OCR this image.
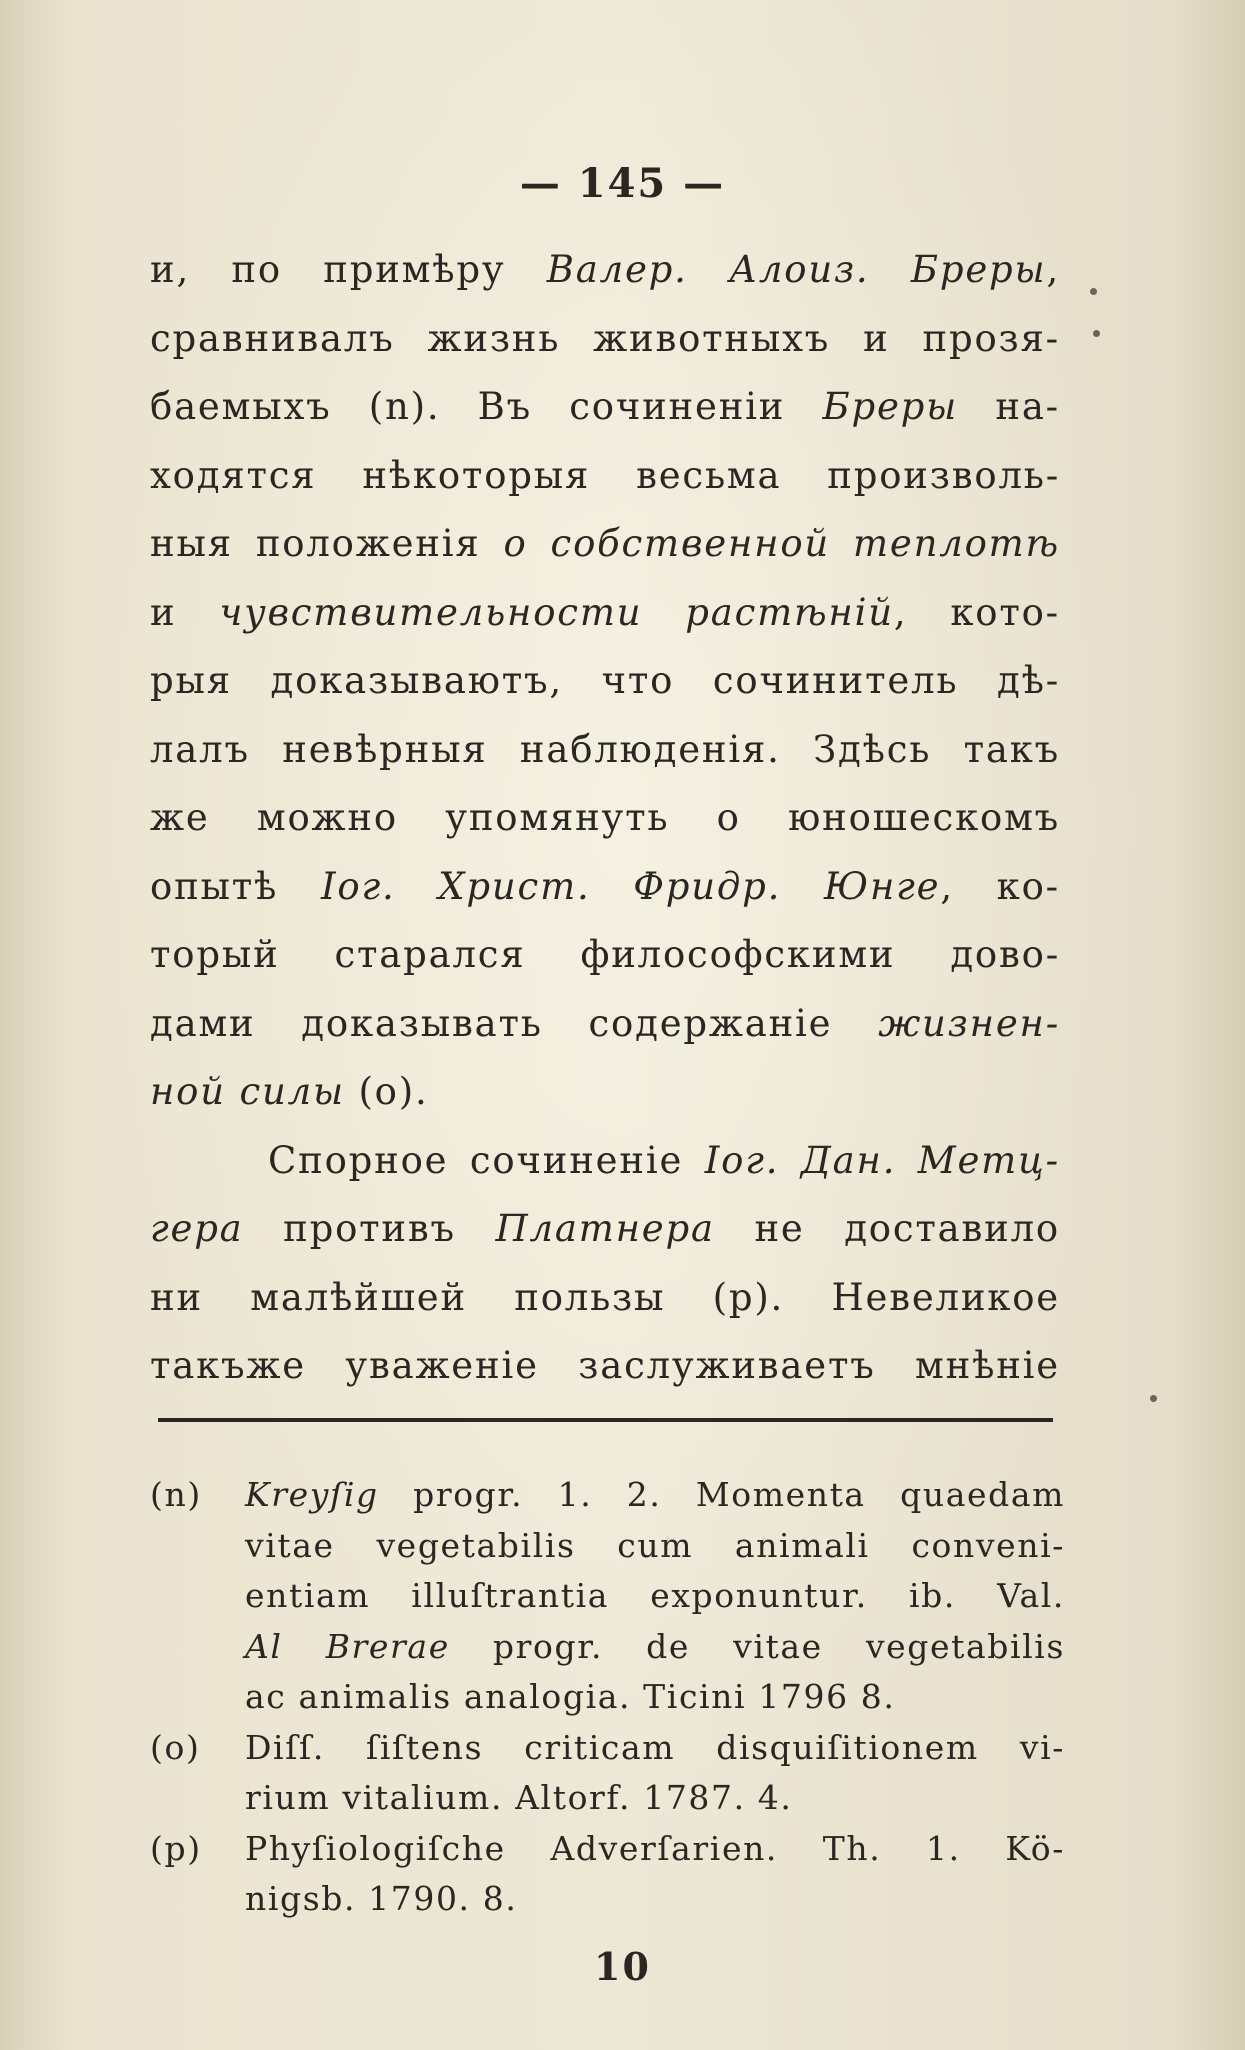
— 145 —
и, по примѣру Валер. Алоиз. Бреры,
сравнивалъ жизнь животныхъ и прозя-
баемыхъ (n). Въ сочиненіи Бреры на-
ходятся нѣкоторыя весьма произволь-
ныя положенія о собственной теплотѣ
и чувствительности растѣній, кото-
рыя доказываютъ, что сочинитель дѣ-
лалъ невѣрныя наблюденія. Здѣсь такъ
же можно упомянуть о юношескомъ
опытѣ Іог. Христ. Фридр. Юнге, ко-
торый старался философскими дово-
дами доказывать содержаніе жизнен-
ной силы (o).
Спорное сочиненіе Іог. Дан. Метц-
гера противъ Платнера не доставило
ни малѣйшей пользы (p). Невеликое
такъже уваженіе заслуживаетъ мнѣніе
(n)	Kreyſig progr. 1. 2. Momenta quaedam
vitae vegetabilis cum animali conveni-
entiam illuſtrantia exponuntur. ib. Val.
Al Brerae progr. de vitae vegetabilis
ac animalis analogia. Ticini 1796 8.
(o)	Diſſ. ſiſtens criticam disquiſitionem vi-
rium vitalium. Altorf. 1787. 4.
(p)	Phyſiologiſche Adverſarien. Th. 1. Kö-
nigsb. 1790. 8.
10
